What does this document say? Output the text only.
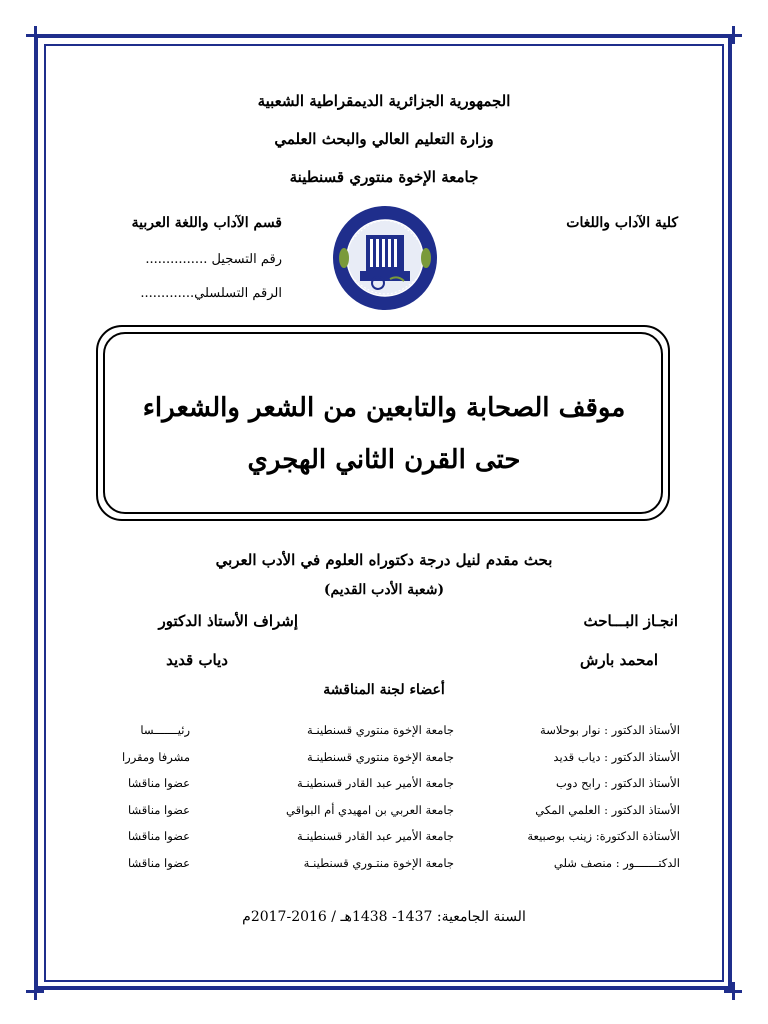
الجمهورية الجزائرية الديمقراطية الشعبية
وزارة التعليم العالي والبحث العلمي
جامعة الإخوة منتوري قسنطينة
كلية الآداب واللغات
قسم الآداب واللغة العربية
رقم التسجيل ...............
الرقم التسلسلي.............
موقف الصحابة والتابعين من الشعر والشعراء
حتى القرن الثاني الهجري
بحث مقدم لنيل درجة دكتوراه العلوم في الأدب العربي
(شعبة الأدب القديم)
انجـاز البـــاحث
إشراف الأستاذ الدكتور
امحمد بارش
دياب قديد
أعضاء لجنة المناقشة
الأستاذ الدكتور : نوار بوحلاسة
جامعة الإخوة منتوري قسنطينـة
رئيـــــــسا
الأستاذ الدكتور : دياب قديد
جامعة الإخوة منتوري قسنطينـة
مشرفا ومقررا
الأستاذ الدكتور : رابح دوب
جامعة الأمير عبد القادر قسنطينـة
عضوا مناقشا
الأستاذ الدكتور : العلمي المكي
جامعة العربي بن امهيدي أم البواقي
عضوا مناقشا
الأستاذة الدكتورة: زينب بوصبيعة
جامعة الأمير عبد القادر قسنطينـة
عضوا مناقشا
الدكتـــــــور : منصف شلي
جامعة الإخوة منتـوري قسنطينـة
عضوا مناقشا
السنة الجامعية: 1437- 1438هـ / 2016-2017م
